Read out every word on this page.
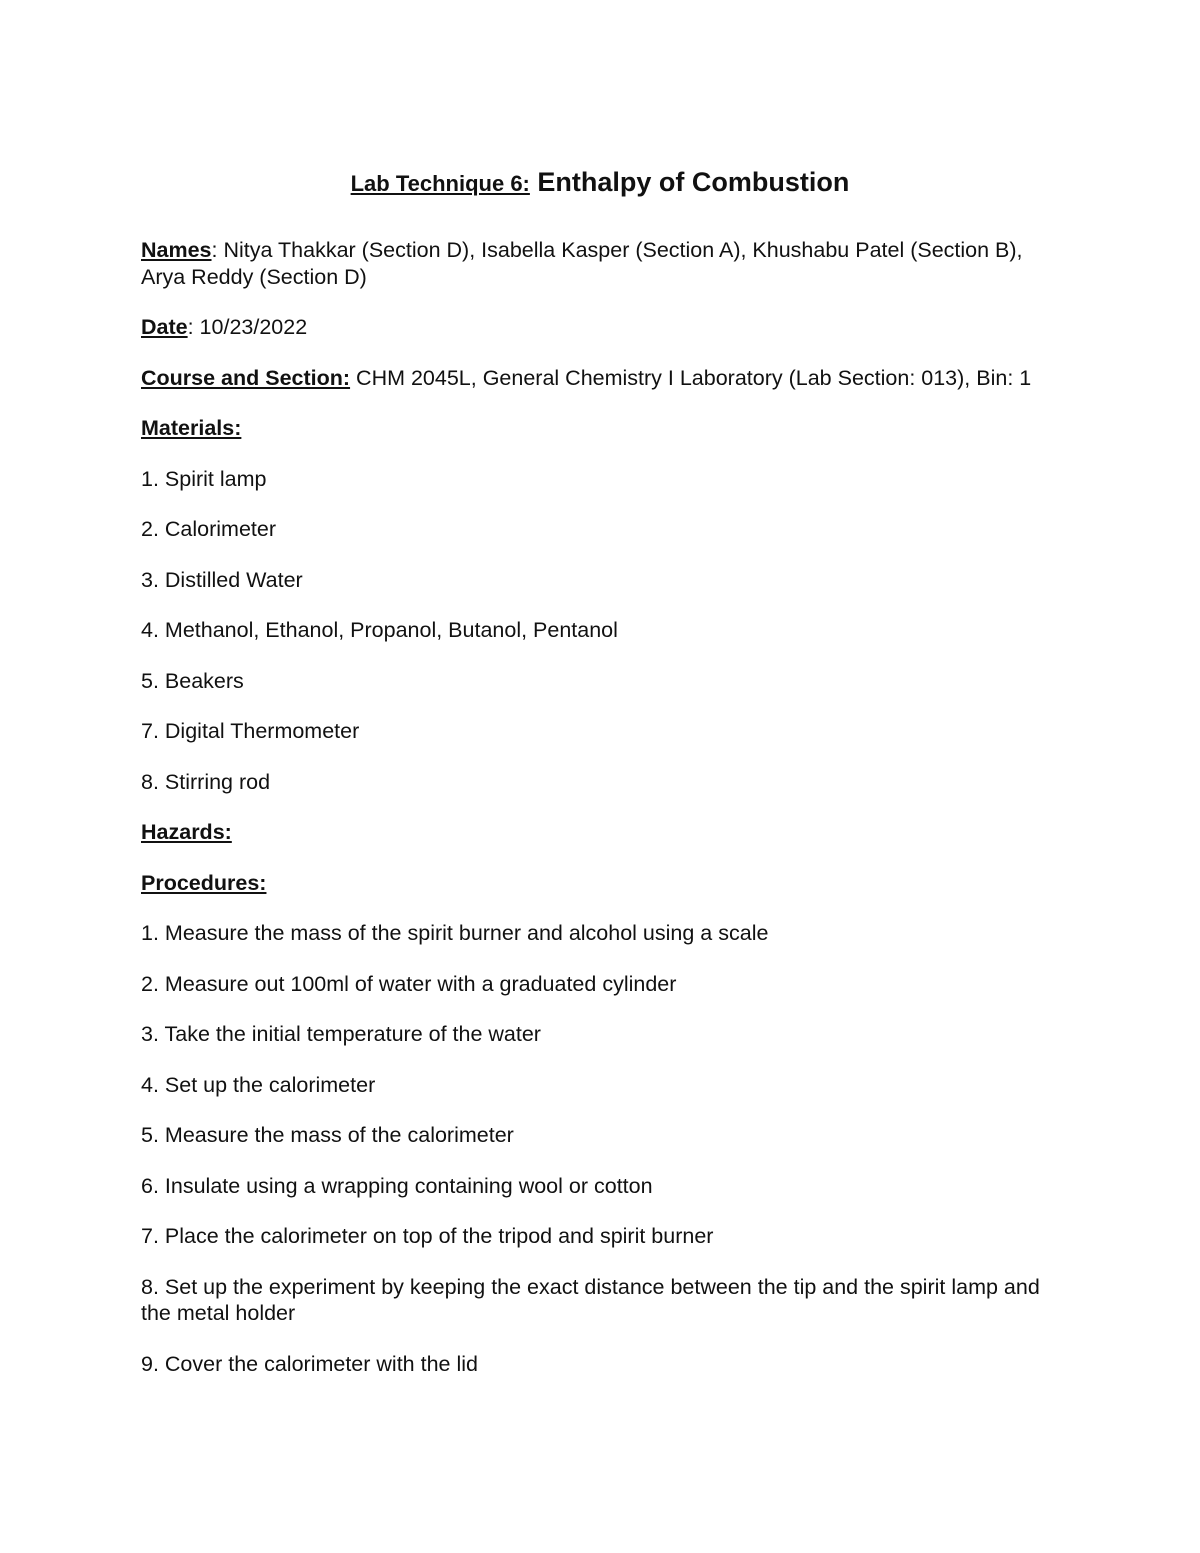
Lab Technique 6: Enthalpy of Combustion

Names: Nitya Thakkar (Section D), Isabella Kasper (Section A), Khushabu Patel (Section B), Arya Reddy (Section D)

Date: 10/23/2022

Course and Section: CHM 2045L, General Chemistry I Laboratory (Lab Section: 013), Bin: 1

Materials:

1. Spirit lamp

2. Calorimeter

3. Distilled Water

4. Methanol, Ethanol, Propanol, Butanol, Pentanol

5. Beakers

7. Digital Thermometer

8. Stirring rod

Hazards:

Procedures:

1. Measure the mass of the spirit burner and alcohol using a scale

2. Measure out 100ml of water with a graduated cylinder

3. Take the initial temperature of the water

4. Set up the calorimeter

5. Measure the mass of the calorimeter

6. Insulate using a wrapping containing wool or cotton

7. Place the calorimeter on top of the tripod and spirit burner

8. Set up the experiment by keeping the exact distance between the tip and the spirit lamp and the metal holder

9. Cover the calorimeter with the lid
